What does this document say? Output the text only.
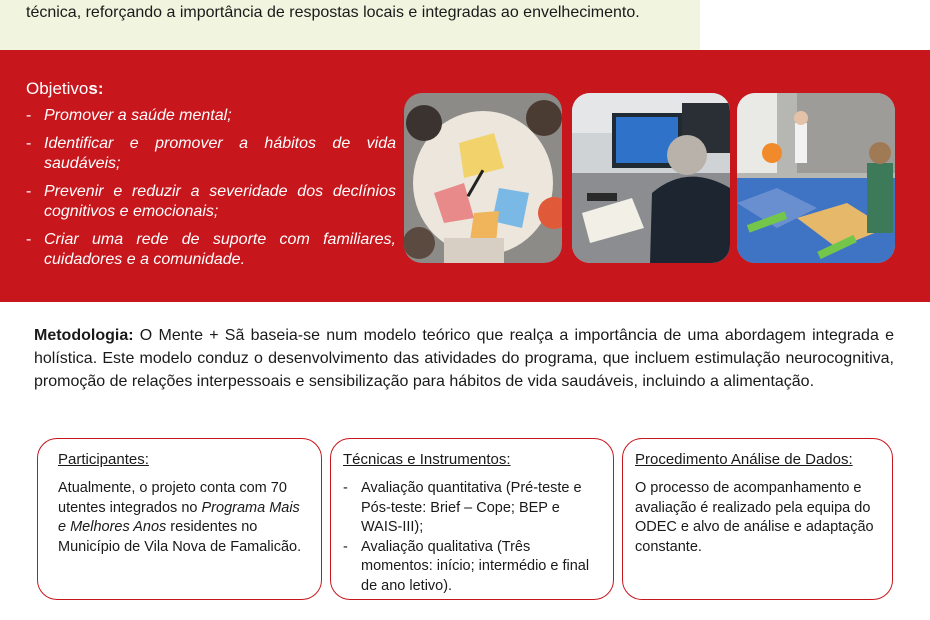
técnica, reforçando a importância de respostas locais e integradas ao envelhecimento.

Objetivos:
- Promover a saúde mental;
- Identificar e promover a hábitos de vida saudáveis;
- Prevenir e reduzir a severidade dos declínios cognitivos e emocionais;
- Criar uma rede de suporte com familiares, cuidadores e a comunidade.
Metodologia: O Mente + Sã baseia-se num modelo teórico que realça a importância de uma abordagem integrada e holística. Este modelo conduz o desenvolvimento das atividades do programa, que incluem estimulação neurocognitiva, promoção de relações interpessoais e sensibilização para hábitos de vida saudáveis, incluindo a alimentação.
Participantes:
Atualmente, o projeto conta com 70 utentes integrados no Programa Mais e Melhores Anos residentes no Município de Vila Nova de Famalicão.
Técnicas e Instrumentos:
- Avaliação quantitativa (Pré-teste e Pós-teste: Brief – Cope; BEP e WAIS-III);
- Avaliação qualitativa (Três momentos: início; intermédio e final de ano letivo).
Procedimento Análise de Dados:
O processo de acompanhamento e avaliação é realizado pela equipa do ODEC e alvo de análise e adaptação constante.
